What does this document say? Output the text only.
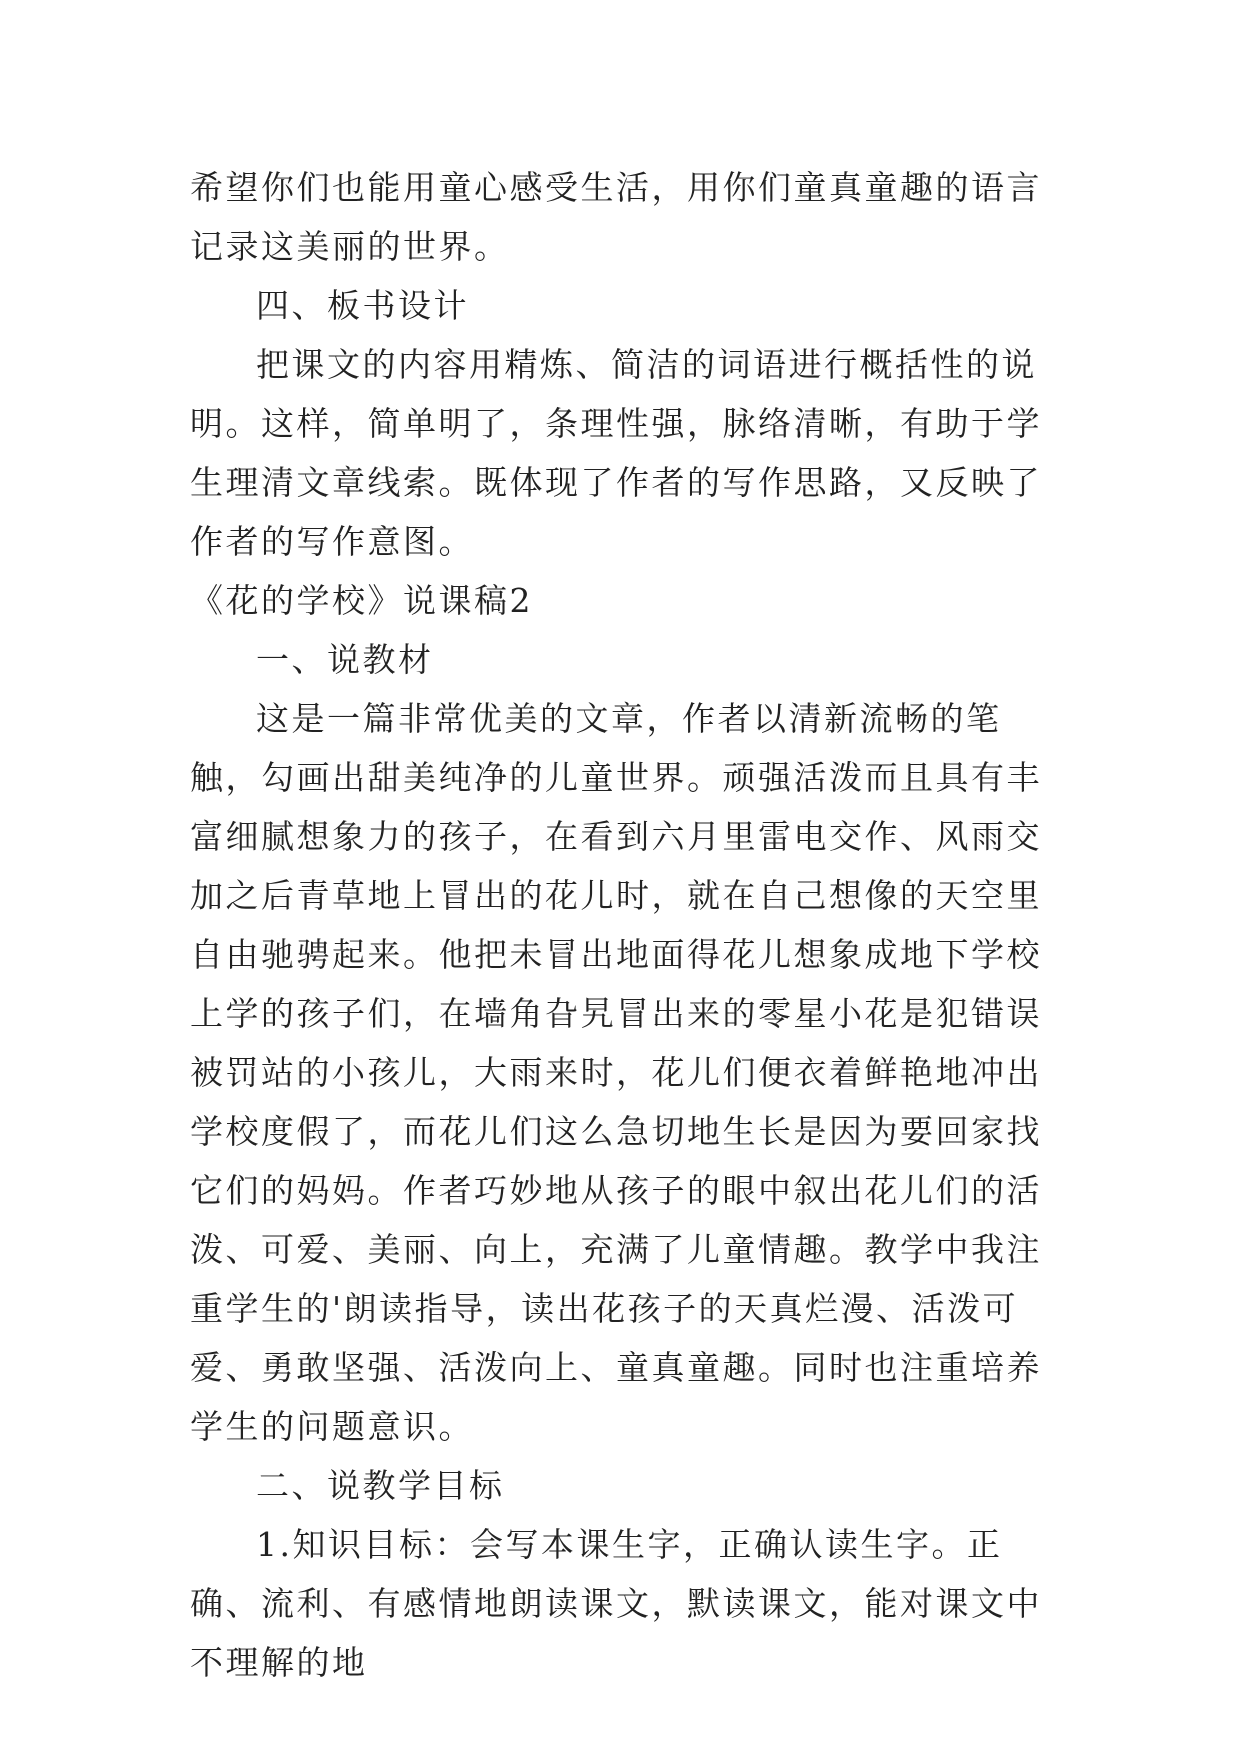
希望你们也能用童心感受生活，用你们童真童趣的语言记录这美丽的世界。

四、板书设计

把课文的内容用精炼、简洁的词语进行概括性的说明。这样，简单明了，条理性强，脉络清晰，有助于学生理清文章线索。既体现了作者的写作思路，又反映了作者的写作意图。

《花的学校》说课稿2

一、说教材

这是一篇非常优美的文章，作者以清新流畅的笔触，勾画出甜美纯净的儿童世界。顽强活泼而且具有丰富细腻想象力的孩子，在看到六月里雷电交作、风雨交加之后青草地上冒出的花儿时，就在自己想像的天空里自由驰骋起来。他把未冒出地面得花儿想象成地下学校上学的孩子们，在墙角旮旯冒出来的零星小花是犯错误被罚站的小孩儿，大雨来时，花儿们便衣着鲜艳地冲出学校度假了，而花儿们这么急切地生长是因为要回家找它们的妈妈。作者巧妙地从孩子的眼中叙出花儿们的活泼、可爱、美丽、向上，充满了儿童情趣。教学中我注重学生的'朗读指导，读出花孩子的天真烂漫、活泼可爱、勇敢坚强、活泼向上、童真童趣。同时也注重培养学生的问题意识。

二、说教学目标

1.知识目标：会写本课生字，正确认读生字。正确、流利、有感情地朗读课文，默读课文，能对课文中不理解的地
